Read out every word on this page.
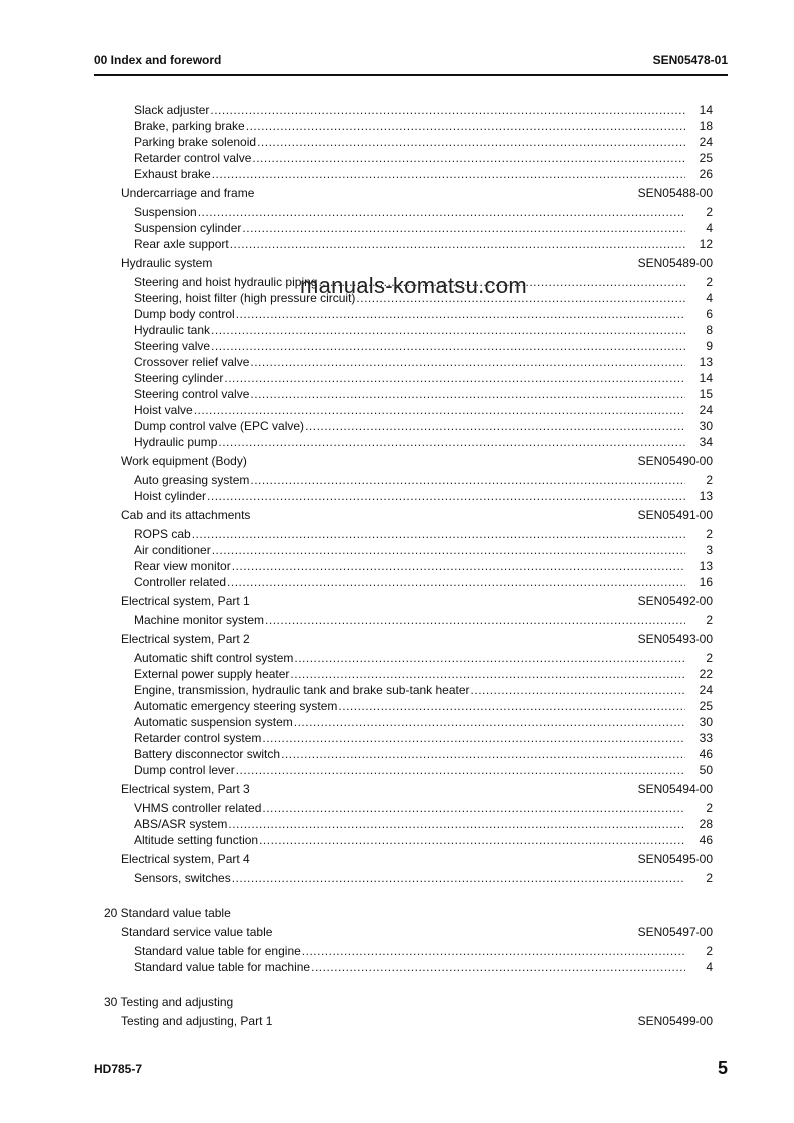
00 Index and foreword	SEN05478-01
Slack adjuster .....	14
Brake, parking brake .....	18
Parking brake solenoid .....	24
Retarder control valve .....	25
Exhaust brake .....	26
Undercarriage and frame	SEN05488-00
Suspension .....	2
Suspension cylinder .....	4
Rear axle support .....	12
Hydraulic system	SEN05489-00
Steering and hoist hydraulic piping .....	2
Steering, hoist filter (high pressure circuit) .....	4
Dump body control .....	6
Hydraulic tank .....	8
Steering valve .....	9
Crossover relief valve .....	13
Steering cylinder .....	14
Steering control valve .....	15
Hoist valve .....	24
Dump control valve (EPC valve) .....	30
Hydraulic pump .....	34
Work equipment (Body)	SEN05490-00
Auto greasing system .....	2
Hoist cylinder .....	13
Cab and its attachments	SEN05491-00
ROPS cab .....	2
Air conditioner .....	3
Rear view monitor .....	13
Controller related .....	16
Electrical system, Part 1	SEN05492-00
Machine monitor system .....	2
Electrical system, Part 2	SEN05493-00
Automatic shift control system .....	2
External power supply heater .....	22
Engine, transmission, hydraulic tank and brake sub-tank heater .....	24
Automatic emergency steering system .....	25
Automatic suspension system .....	30
Retarder control system .....	33
Battery disconnector switch .....	46
Dump control lever .....	50
Electrical system, Part 3	SEN05494-00
VHMS controller related .....	2
ABS/ASR system .....	28
Altitude setting function .....	46
Electrical system, Part 4	SEN05495-00
Sensors, switches .....	2
20 Standard value table
Standard service value table	SEN05497-00
Standard value table for engine .....	2
Standard value table for machine .....	4
30 Testing and adjusting
Testing and adjusting, Part 1	SEN05499-00
manuals-komatsu.com
HD785-7	5
